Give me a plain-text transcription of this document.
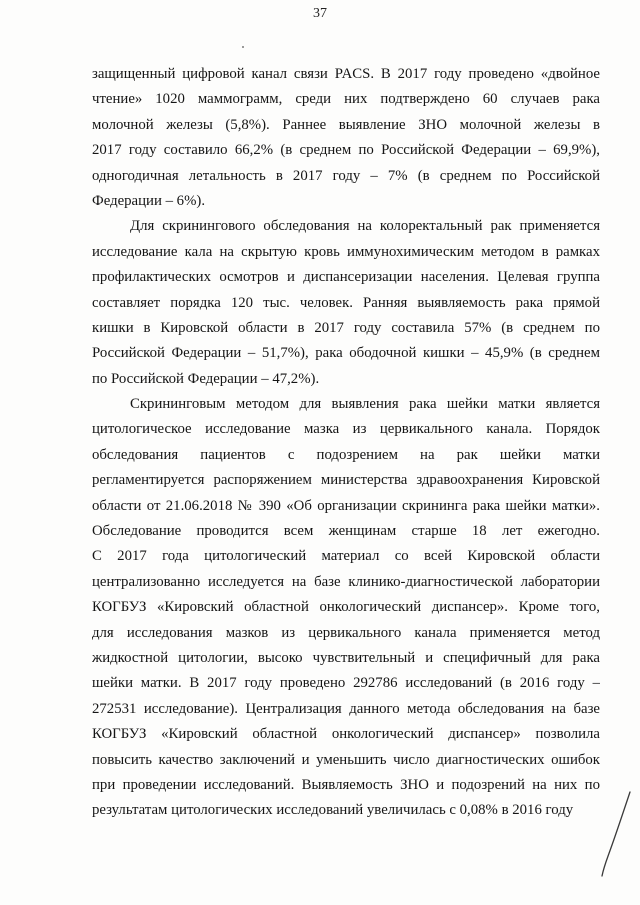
37
защищенный цифровой канал связи PACS. В 2017 году проведено «двойное
чтение» 1020 маммограмм, среди них подтверждено 60 случаев рака
молочной железы (5,8%). Раннее выявление ЗНО молочной железы в
2017 году составило 66,2% (в среднем по Российской Федерации – 69,9%),
одногодичная летальность в 2017 году – 7% (в среднем по Российской
Федерации – 6%).
Для скринингового обследования на колоректальный рак применяется
исследование кала на скрытую кровь иммунохимическим методом в рамках
профилактических осмотров и диспансеризации населения. Целевая группа
составляет порядка 120 тыс. человек. Ранняя выявляемость рака прямой
кишки в Кировской области в 2017 году составила 57% (в среднем по
Российской Федерации – 51,7%), рака ободочной кишки – 45,9% (в среднем
по Российской Федерации – 47,2%).
Скрининговым методом для выявления рака шейки матки является
цитологическое исследование мазка из цервикального канала. Порядок
обследования пациентов с подозрением на рак шейки матки
регламентируется распоряжением министерства здравоохранения Кировской
области от 21.06.2018 № 390 «Об организации скрининга рака шейки матки».
Обследование проводится всем женщинам старше 18 лет ежегодно.
С 2017 года цитологический материал со всей Кировской области
централизованно исследуется на базе клинико-диагностической лаборатории
КОГБУЗ «Кировский областной онкологический диспансер». Кроме того,
для исследования мазков из цервикального канала применяется метод
жидкостной цитологии, высоко чувствительный и специфичный для рака
шейки матки. В 2017 году проведено 292786 исследований (в 2016 году –
272531 исследование). Централизация данного метода обследования на базе
КОГБУЗ «Кировский областной онкологический диспансер» позволила
повысить качество заключений и уменьшить число диагностических ошибок
при проведении исследований. Выявляемость ЗНО и подозрений на них по
результатам цитологических исследований увеличилась с 0,08% в 2016 году
